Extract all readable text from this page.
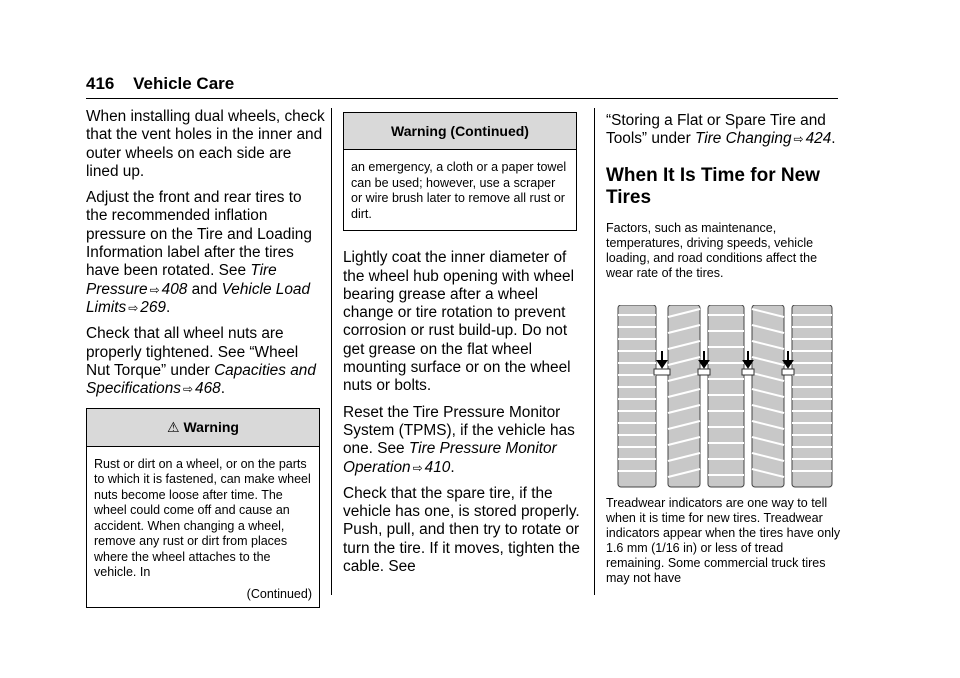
416 Vehicle Care

When installing dual wheels, check that the vent holes in the inner and outer wheels on each side are lined up.

Adjust the front and rear tires to the recommended inflation pressure on the Tire and Loading Information label after the tires have been rotated. See Tire Pressure ⇨ 408 and Vehicle Load Limits ⇨ 269.

Check that all wheel nuts are properly tightened. See “Wheel Nut Torque” under Capacities and Specifications ⇨ 468.

⚠ Warning
Rust or dirt on a wheel, or on the parts to which it is fastened, can make wheel nuts become loose after time. The wheel could come off and cause an accident. When changing a wheel, remove any rust or dirt from places where the wheel attaches to the vehicle. In
(Continued)
Warning (Continued)
an emergency, a cloth or a paper towel can be used; however, use a scraper or wire brush later to remove all rust or dirt.

Lightly coat the inner diameter of the wheel hub opening with wheel bearing grease after a wheel change or tire rotation to prevent corrosion or rust build-up. Do not get grease on the flat wheel mounting surface or on the wheel nuts or bolts.

Reset the Tire Pressure Monitor System (TPMS), if the vehicle has one. See Tire Pressure Monitor Operation ⇨ 410.

Check that the spare tire, if the vehicle has one, is stored properly. Push, pull, and then try to rotate or turn the tire. If it moves, tighten the cable. See

“Storing a Flat or Spare Tire and Tools” under Tire Changing ⇨ 424.

When It Is Time for New Tires

Factors, such as maintenance, temperatures, driving speeds, vehicle loading, and road conditions affect the wear rate of the tires.

Treadwear indicators are one way to tell when it is time for new tires. Treadwear indicators appear when the tires have only 1.6 mm (1/16 in) or less of tread remaining. Some commercial truck tires may not have
